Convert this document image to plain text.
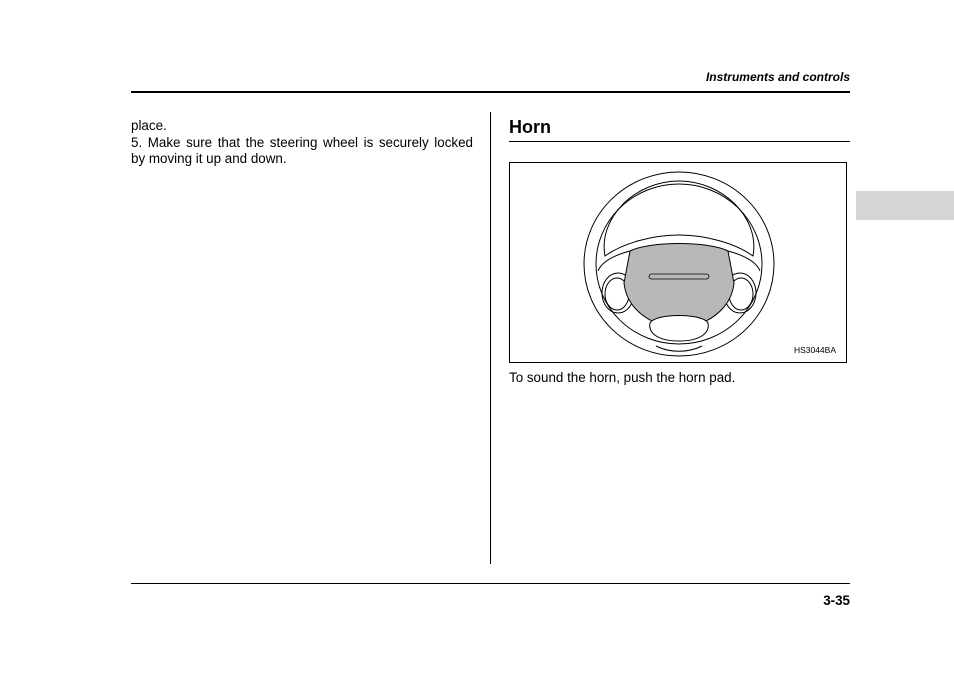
Instruments and controls

place.

5. Make sure that the steering wheel is securely locked by moving it up and down.

Horn
HS3044BA
To sound the horn, push the horn pad.
3-35
